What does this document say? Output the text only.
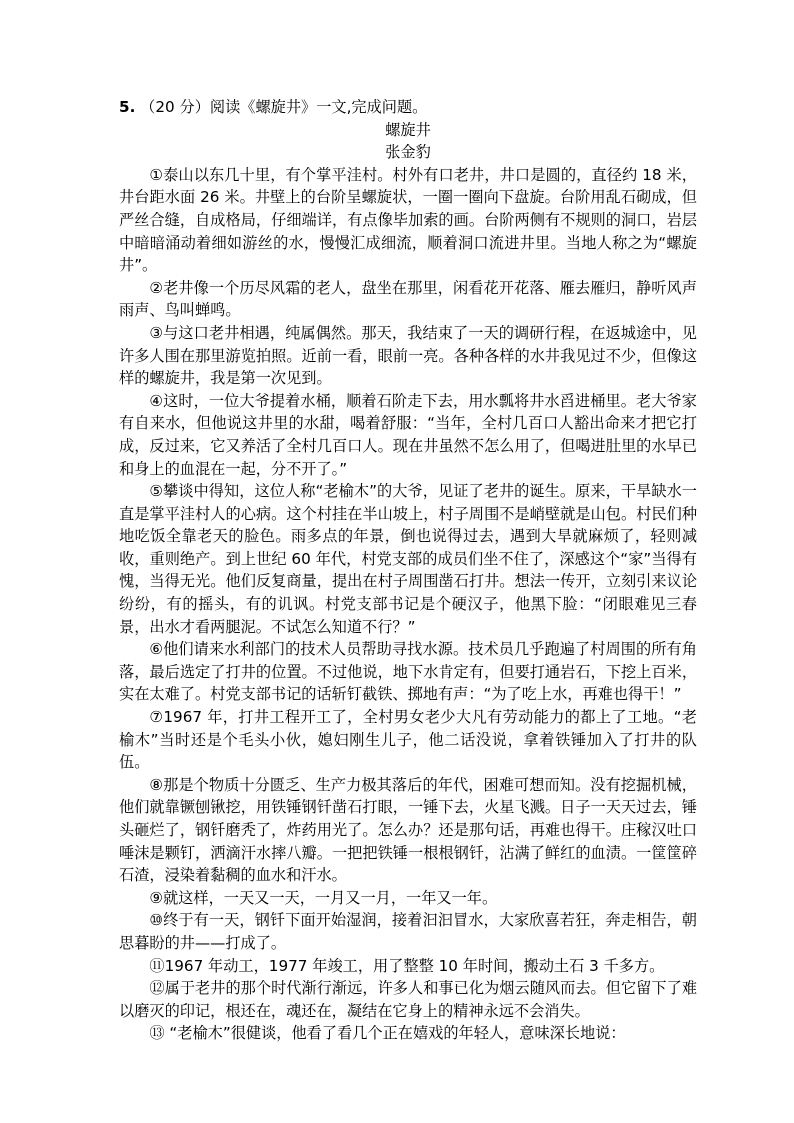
5. （20 分）阅读《螺旋井》一文,完成问题。

螺旋井

张金豹

①泰山以东几十里，有个掌平洼村。村外有口老井，井口是圆的，直径约 18 米，井台距水面 26 米。井壁上的台阶呈螺旋状，一圈一圈向下盘旋。台阶用乱石砌成，但严丝合缝，自成格局，仔细端详，有点像毕加索的画。台阶两侧有不规则的洞口，岩层中暗暗涌动着细如游丝的水，慢慢汇成细流，顺着洞口流进井里。当地人称之为“螺旋井”。

②老井像一个历尽风霜的老人，盘坐在那里，闲看花开花落、雁去雁归，静听风声雨声、鸟叫蝉鸣。

③与这口老井相遇，纯属偶然。那天，我结束了一天的调研行程，在返城途中，见许多人围在那里游览拍照。近前一看，眼前一亮。各种各样的水井我见过不少，但像这样的螺旋井，我是第一次见到。

④这时，一位大爷提着水桶，顺着石阶走下去，用水瓢将井水舀进桶里。老大爷家有自来水，但他说这井里的水甜，喝着舒服：“当年，全村几百口人豁出命来才把它打成，反过来，它又养活了全村几百口人。现在井虽然不怎么用了，但喝进肚里的水早已和身上的血混在一起，分不开了。”

⑤攀谈中得知，这位人称“老榆木”的大爷，见证了老井的诞生。原来，干旱缺水一直是掌平洼村人的心病。这个村挂在半山坡上，村子周围不是峭壁就是山包。村民们种地吃饭全靠老天的脸色。雨多点的年景，倒也说得过去，遇到大旱就麻烦了，轻则减收，重则绝产。到上世纪 60 年代，村党支部的成员们坐不住了，深感这个“家”当得有愧，当得无光。他们反复商量，提出在村子周围凿石打井。想法一传开，立刻引来议论纷纷，有的摇头，有的讥讽。村党支部书记是个硬汉子，他黑下脸：“闭眼难见三春景，出水才看两腿泥。不试怎么知道不行？”

⑥他们请来水利部门的技术人员帮助寻找水源。技术员几乎跑遍了村周围的所有角落，最后选定了打井的位置。不过他说，地下水肯定有，但要打通岩石，下挖上百米，实在太难了。村党支部书记的话斩钉截铁、掷地有声：“为了吃上水，再难也得干！”

⑦1967 年，打井工程开工了，全村男女老少大凡有劳动能力的都上了工地。“老榆木”当时还是个毛头小伙，媳妇刚生儿子，他二话没说，拿着铁锤加入了打井的队伍。

⑧那是个物质十分匮乏、生产力极其落后的年代，困难可想而知。没有挖掘机械，他们就靠镢刨锹挖，用铁锤钢钎凿石打眼，一锤下去，火星飞溅。日子一天天过去，锤头砸烂了，钢钎磨秃了，炸药用光了。怎么办？还是那句话，再难也得干。庄稼汉吐口唾沫是颗钉，洒滴汗水摔八瓣。一把把铁锤一根根钢钎，沾满了鲜红的血渍。一筐筐碎石渣，浸染着黏稠的血水和汗水。

⑨就这样，一天又一天，一月又一月，一年又一年。

⑩终于有一天，钢钎下面开始湿润，接着汩汩冒水，大家欣喜若狂，奔走相告，朝思暮盼的井——打成了。

⑪1967 年动工，1977 年竣工，用了整整 10 年时间，搬动土石 3 千多方。

⑫属于老井的那个时代渐行渐远，许多人和事已化为烟云随风而去。但它留下了难以磨灭的印记，根还在，魂还在，凝结在它身上的精神永远不会消失。

⑬ “老榆木”很健谈，他看了看几个正在嬉戏的年轻人，意味深长地说：
